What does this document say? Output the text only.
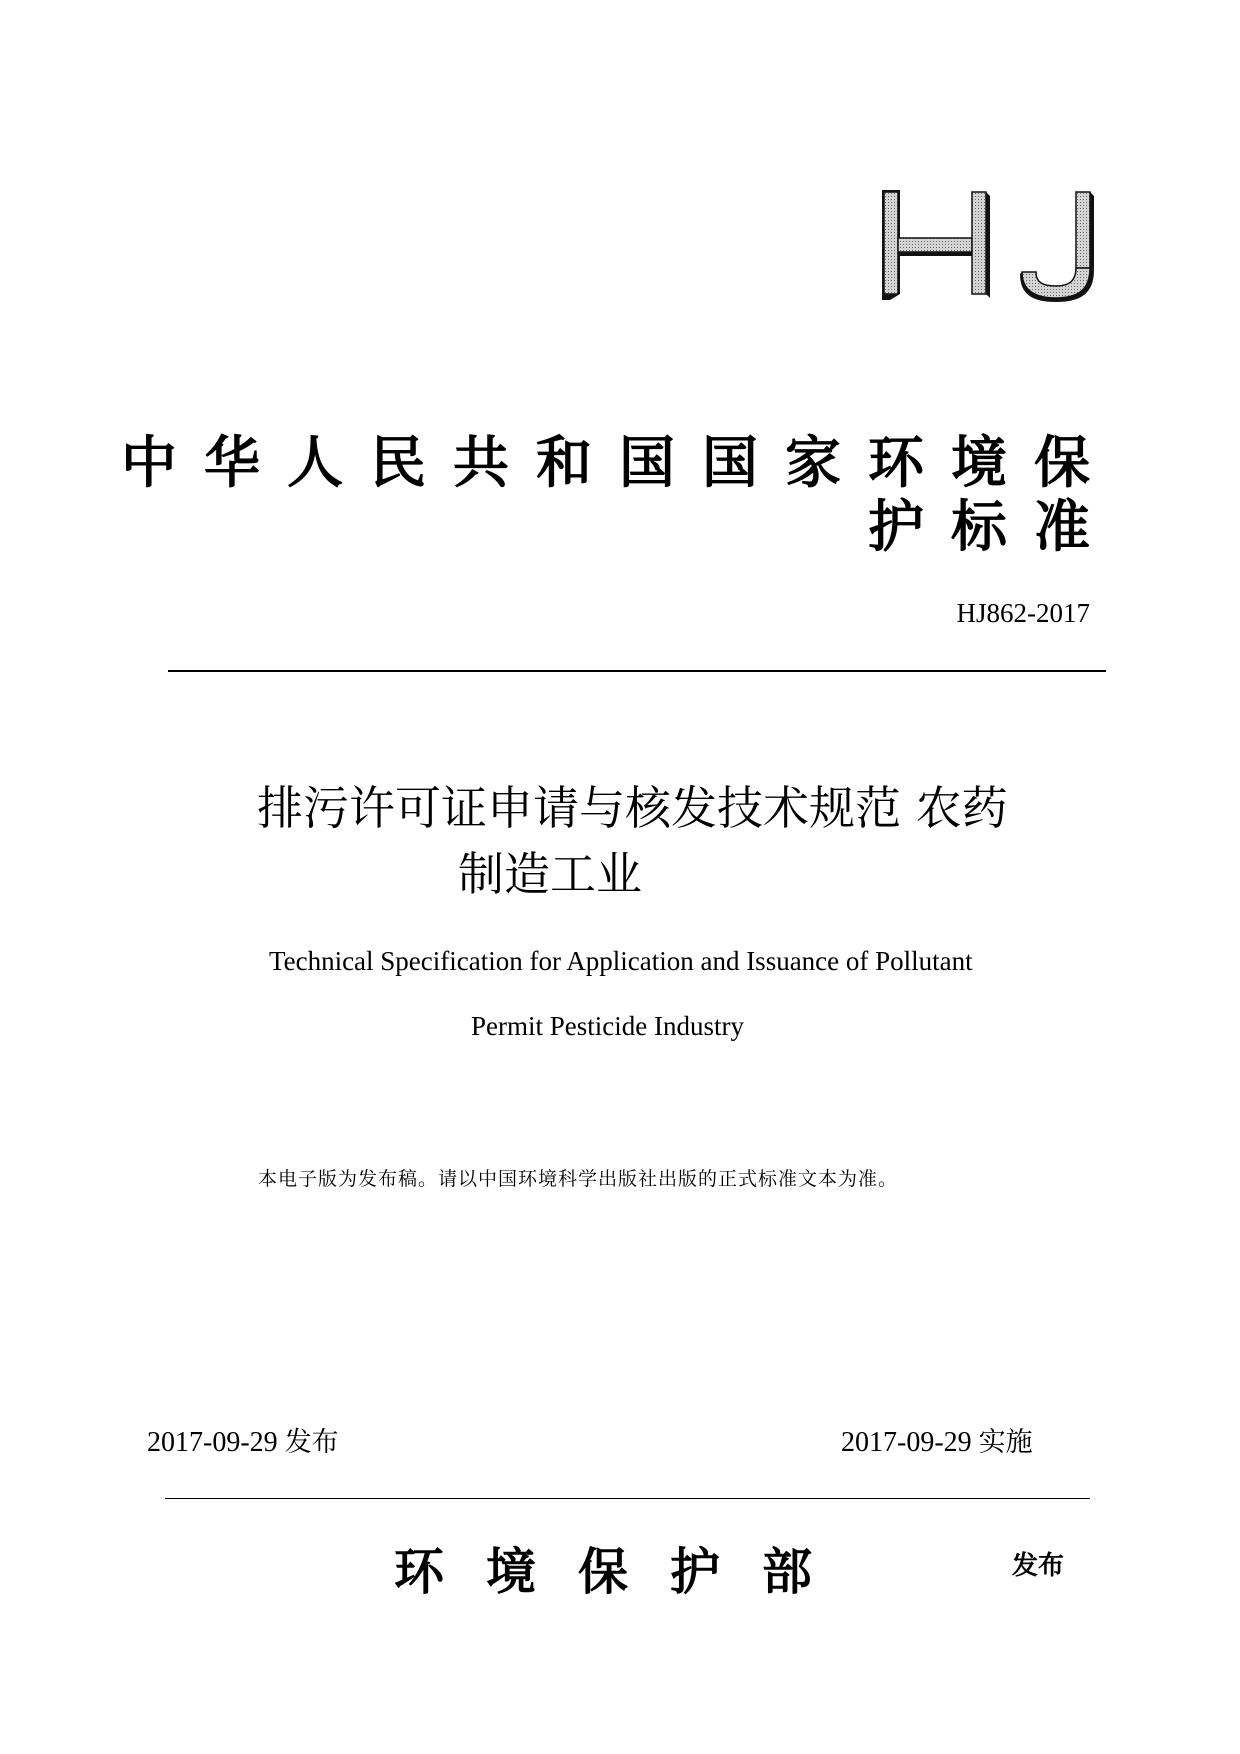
中华人民共和国国家环境保
护标准
HJ862-2017
排污许可证申请与核发技术规范 农药
制造工业
Technical Specification for Application and Issuance of Pollutant
Permit Pesticide Industry
本电子版为发布稿。请以中国环境科学出版社出版的正式标准文本为准。
2017-09-29 发布	2017-09-29 实施
环境保护部	发布
